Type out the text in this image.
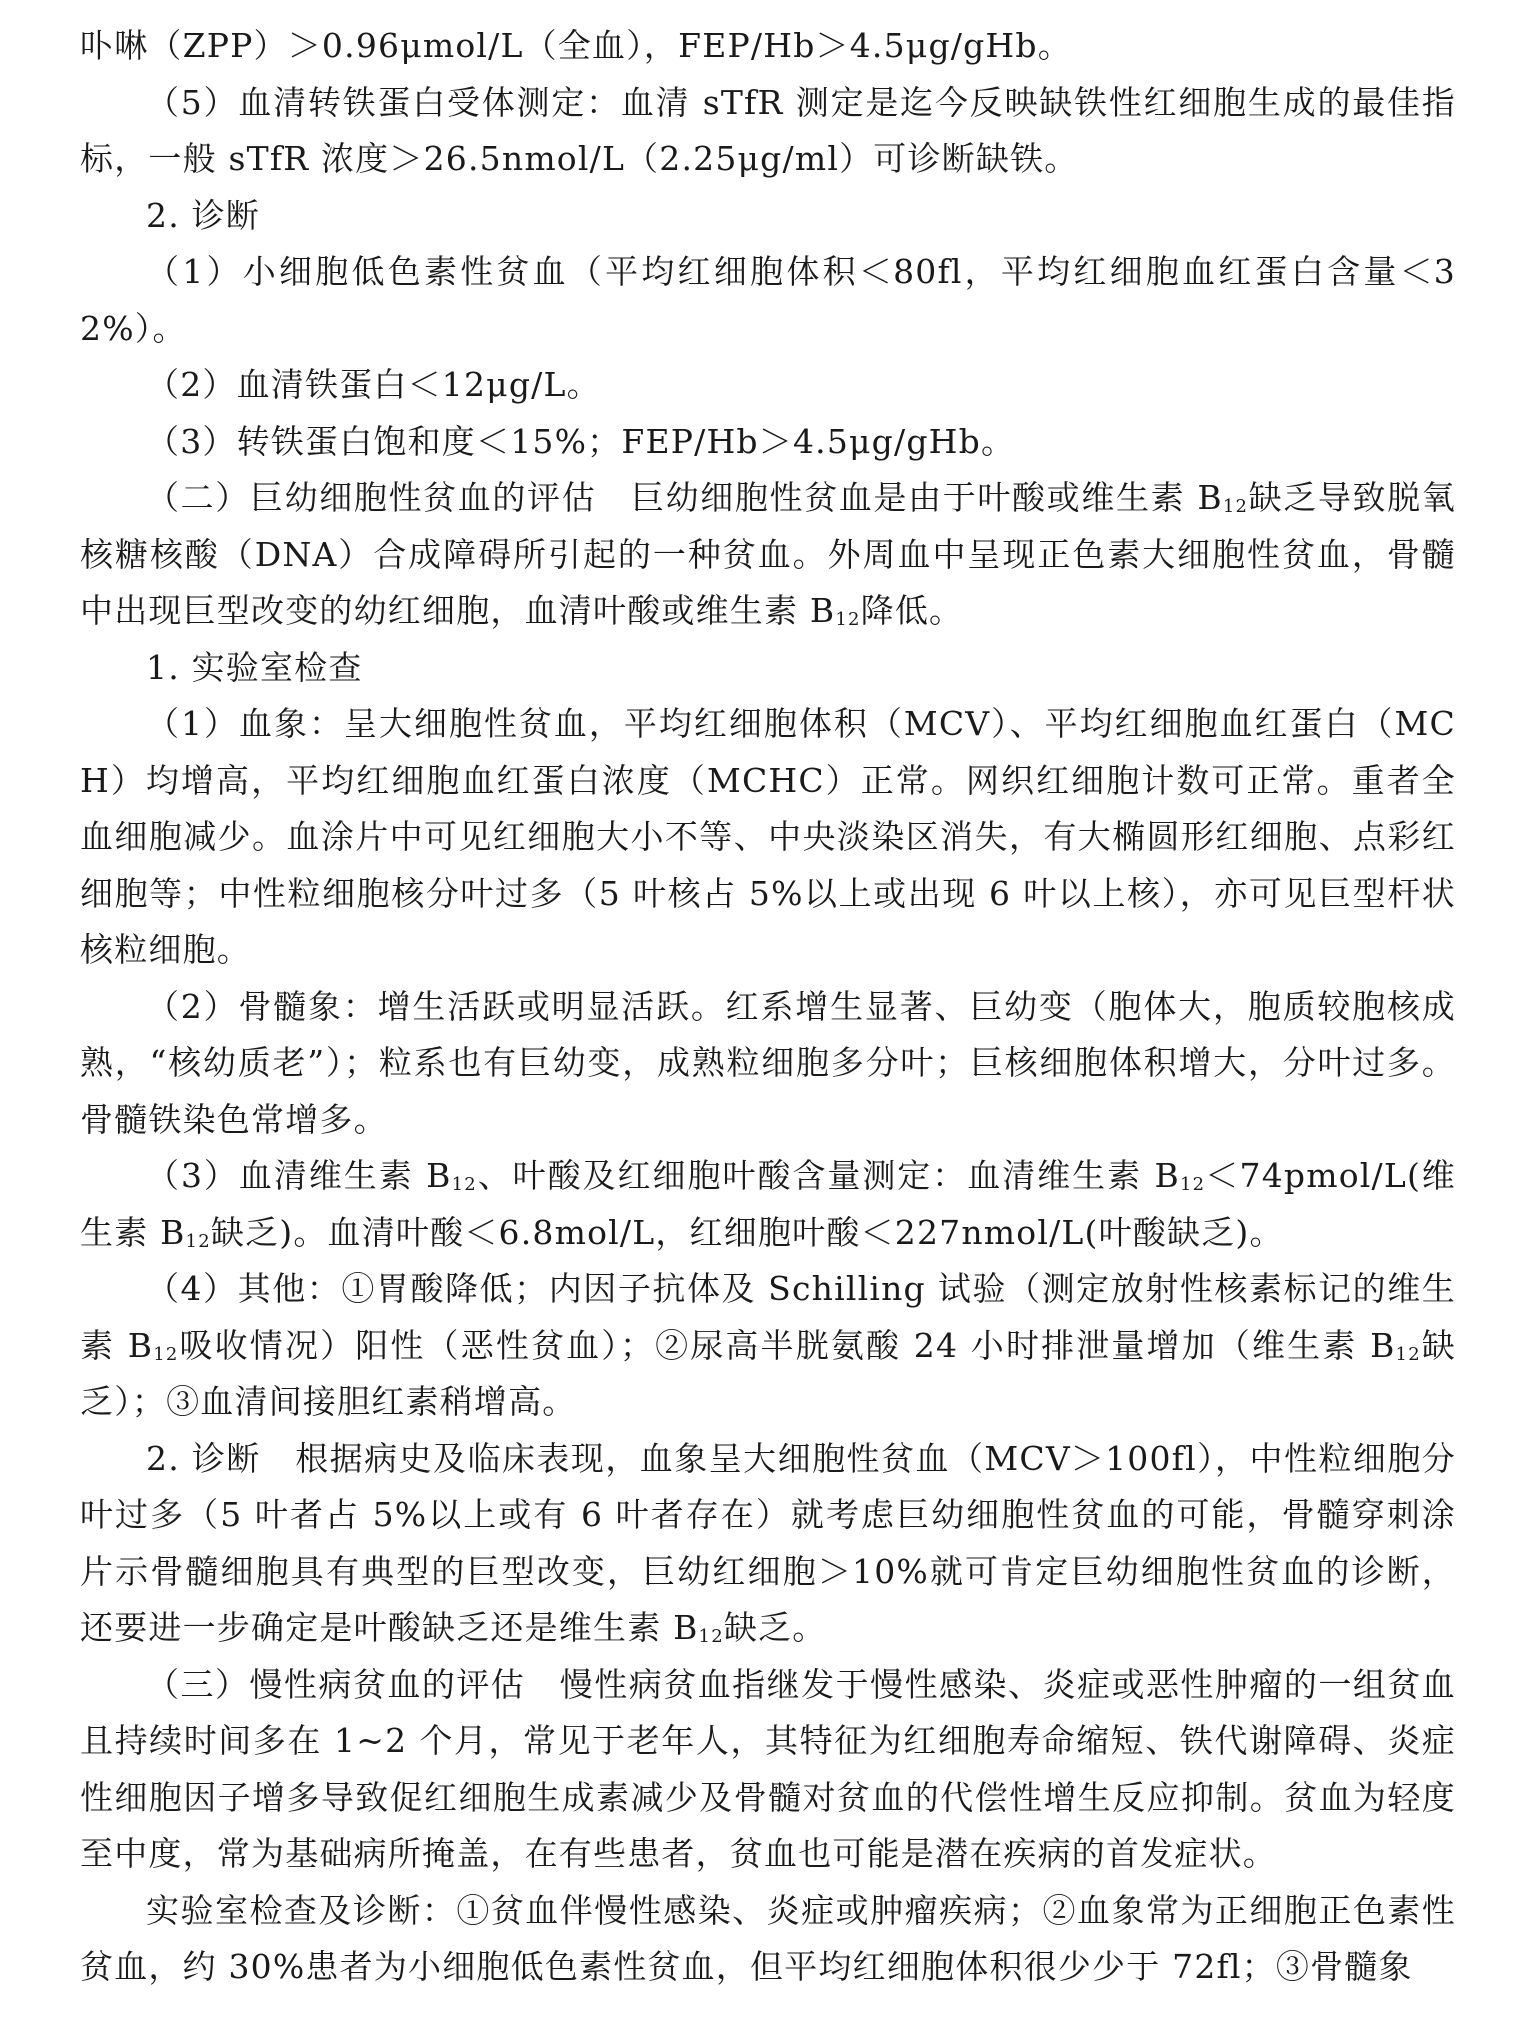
卟啉（ZPP）＞0.96μmol/L（全血），FEP/Hb＞4.5μg/gHb。

（5）血清转铁蛋白受体测定：血清 sTfR 测定是迄今反映缺铁性红细胞生成的最佳指标，一般 sTfR 浓度＞26.5nmol/L（2.25μg/ml）可诊断缺铁。

2. 诊断

（1）小细胞低色素性贫血（平均红细胞体积＜80fl，平均红细胞血红蛋白含量＜32%）。

（2）血清铁蛋白＜12μg/L。

（3）转铁蛋白饱和度＜15%；FEP/Hb＞4.5μg/gHb。

（二）巨幼细胞性贫血的评估　巨幼细胞性贫血是由于叶酸或维生素 $B_{12}$缺乏导致脱氧核糖核酸（DNA）合成障碍所引起的一种贫血。外周血中呈现正色素大细胞性贫血，骨髓中出现巨型改变的幼红细胞，血清叶酸或维生素 $B_{12}$降低。

1. 实验室检查

（1）血象：呈大细胞性贫血，平均红细胞体积（MCV）、平均红细胞血红蛋白（MCH）均增高，平均红细胞血红蛋白浓度（MCHC）正常。网织红细胞计数可正常。重者全血细胞减少。血涂片中可见红细胞大小不等、中央淡染区消失，有大椭圆形红细胞、点彩红细胞等；中性粒细胞核分叶过多（5 叶核占 5%以上或出现 6 叶以上核），亦可见巨型杆状核粒细胞。

（2）骨髓象：增生活跃或明显活跃。红系增生显著、巨幼变（胞体大，胞质较胞核成熟，“核幼质老”）；粒系也有巨幼变，成熟粒细胞多分叶；巨核细胞体积增大，分叶过多。骨髓铁染色常增多。

（3）血清维生素 $B_{12}$、叶酸及红细胞叶酸含量测定：血清维生素 $B_{12}<74pmol/L$(维生素 $B_{12}$缺乏)。血清叶酸＜6.8mol/L，红细胞叶酸＜227nmol/L(叶酸缺乏)。

（4）其他：①胃酸降低；内因子抗体及 Schilling 试验（测定放射性核素标记的维生素 $B_{12}$吸收情况）阳性（恶性贫血）；②尿高半胱氨酸 24 小时排泄量增加（维生素 $B_{12}$缺乏）；③血清间接胆红素稍增高。

2. 诊断　根据病史及临床表现，血象呈大细胞性贫血（MCV＞100fl），中性粒细胞分叶过多（5 叶者占 5%以上或有 6 叶者存在）就考虑巨幼细胞性贫血的可能，骨髓穿刺涂片示骨髓细胞具有典型的巨型改变，巨幼红细胞＞10%就可肯定巨幼细胞性贫血的诊断，还要进一步确定是叶酸缺乏还是维生素 $B_{12}$缺乏。

（三）慢性病贫血的评估　慢性病贫血指继发于慢性感染、炎症或恶性肿瘤的一组贫血且持续时间多在 1~2 个月，常见于老年人，其特征为红细胞寿命缩短、铁代谢障碍、炎症性细胞因子增多导致促红细胞生成素减少及骨髓对贫血的代偿性增生反应抑制。贫血为轻度至中度，常为基础病所掩盖，在有些患者，贫血也可能是潜在疾病的首发症状。

实验室检查及诊断：①贫血伴慢性感染、炎症或肿瘤疾病；②血象常为正细胞正色素性贫血，约 30%患者为小细胞低色素性贫血，但平均红细胞体积很少少于 72fl；③骨髓象
